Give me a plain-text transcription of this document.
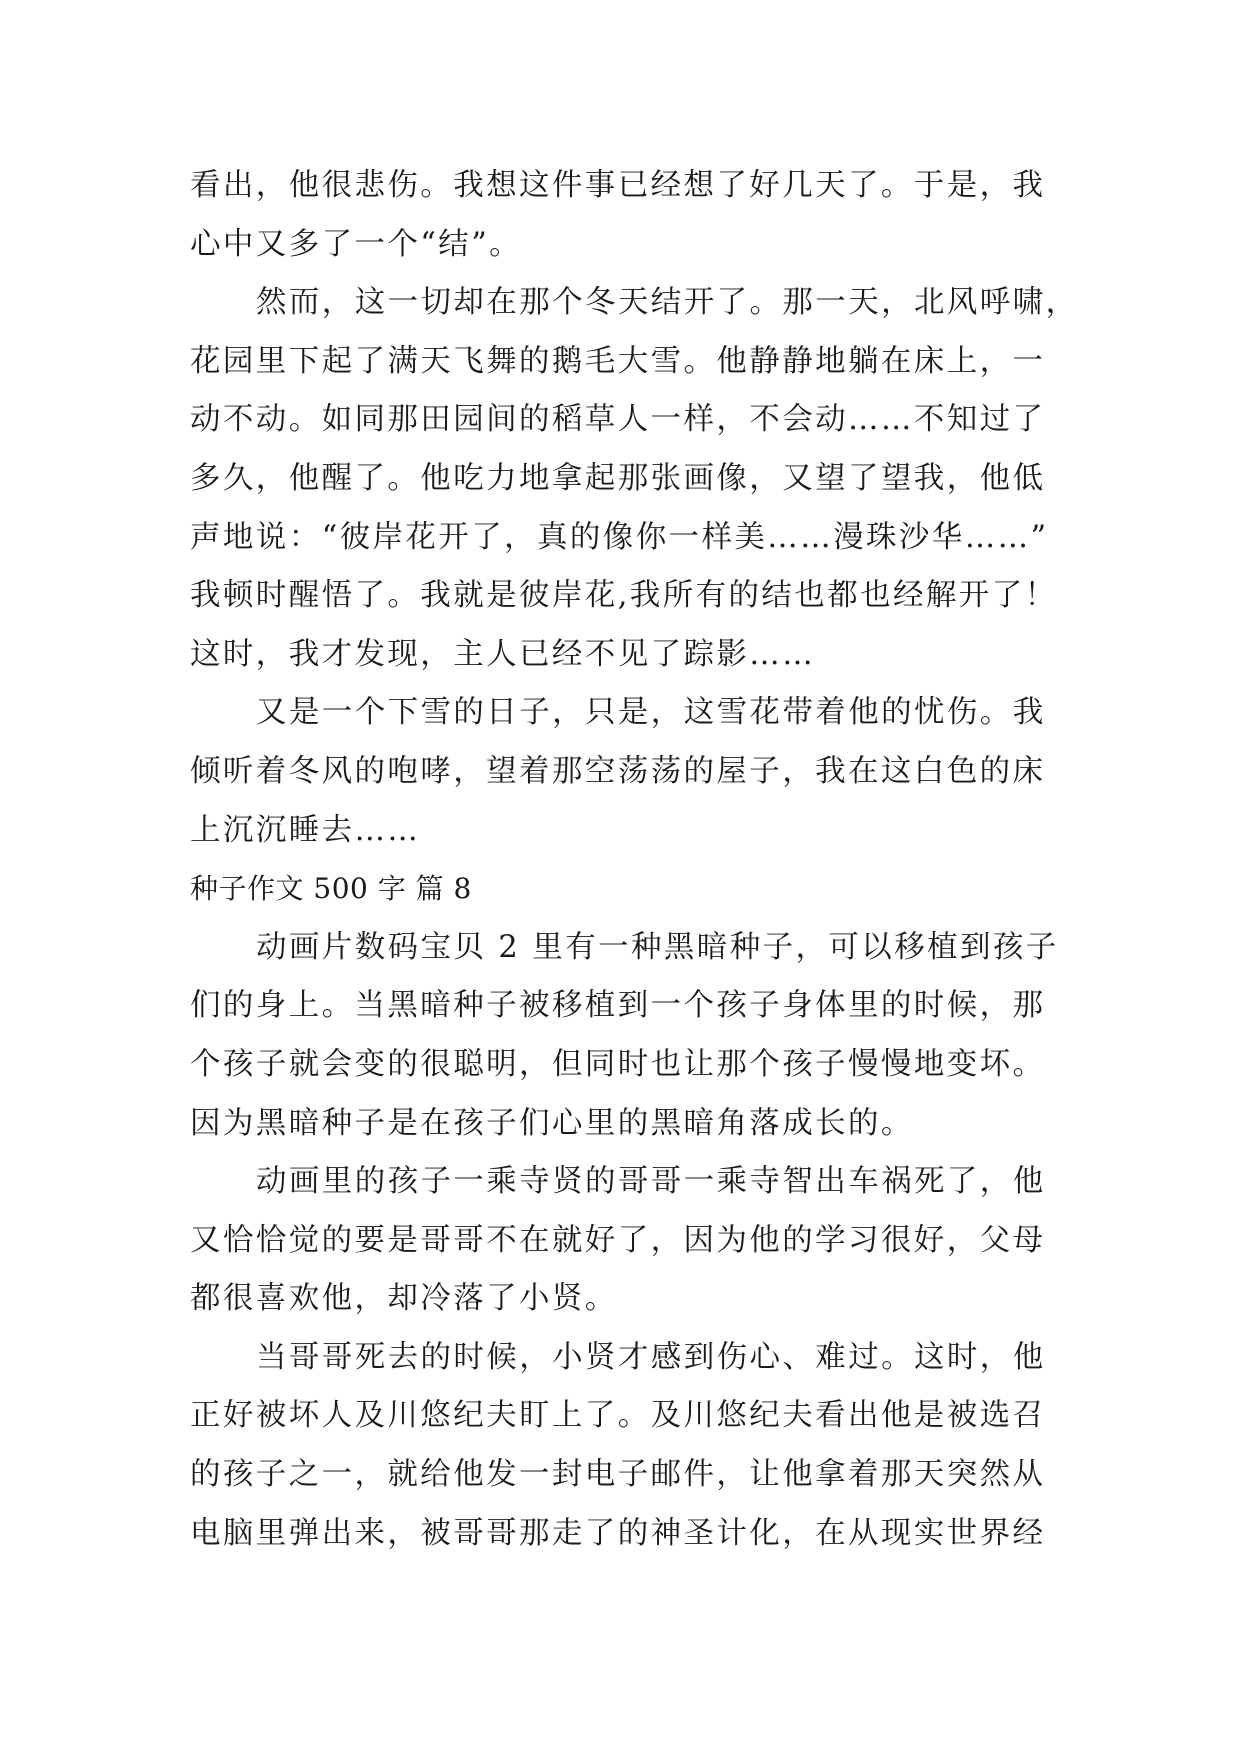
看出，他很悲伤。我想这件事已经想了好几天了。于是，我
心中又多了一个“结”。
然而，这一切却在那个冬天结开了。那一天，北风呼啸，
花园里下起了满天飞舞的鹅毛大雪。他静静地躺在床上，一
动不动。如同那田园间的稻草人一样，不会动……不知过了
多久，他醒了。他吃力地拿起那张画像，又望了望我，他低
声地说：“彼岸花开了，真的像你一样美……漫珠沙华……”
我顿时醒悟了。我就是彼岸花,我所有的结也都也经解开了！
这时，我才发现，主人已经不见了踪影……
又是一个下雪的日子，只是，这雪花带着他的忧伤。我
倾听着冬风的咆哮，望着那空荡荡的屋子，我在这白色的床
上沉沉睡去……
种子作文 500 字 篇 8
动画片数码宝贝 2 里有一种黑暗种子，可以移植到孩子
们的身上。当黑暗种子被移植到一个孩子身体里的时候，那
个孩子就会变的很聪明，但同时也让那个孩子慢慢地变坏。
因为黑暗种子是在孩子们心里的黑暗角落成长的。
动画里的孩子一乘寺贤的哥哥一乘寺智出车祸死了，他
又恰恰觉的要是哥哥不在就好了，因为他的学习很好，父母
都很喜欢他，却冷落了小贤。
当哥哥死去的时候，小贤才感到伤心、难过。这时，他
正好被坏人及川悠纪夫盯上了。及川悠纪夫看出他是被选召
的孩子之一，就给他发一封电子邮件，让他拿着那天突然从
电脑里弹出来，被哥哥那走了的神圣计化，在从现实世界经
